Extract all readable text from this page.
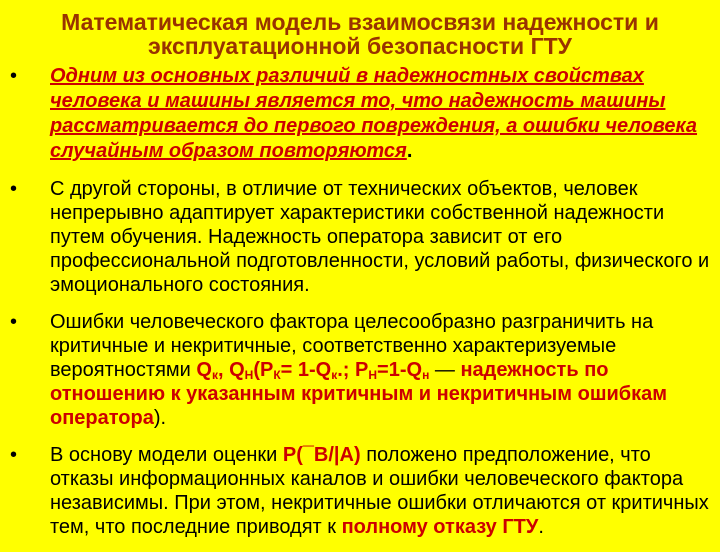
Математическая модель взаимосвязи надежности и эксплуатационной безопасности ГТУ
•	Одним из основных различий в надежностных свойствах человека и машины является то, что надежность машины рассматривается до первого повреждения, а ошибки человека случайным образом повторяются.
•	С другой стороны, в отличие от технических объектов, человек непрерывно адаптирует характеристики собственной надежности путем обучения. Надежность оператора зависит от его профессиональной подготовленности, условий работы, физического и эмоционального состояния.
•	Ошибки человеческого фактора целесообразно разграничить на критичные и некритичные, соответственно характеризуемые вероятностями $Q_к$, $Q_Н(Р_К= 1-Q_к$.; $Р_Н=1-Q_н$ — надежность по отношению к указанным критичным и некритичным ошибкам оператора).
•	В основу модели оценки Р(¯В/|А) положено предположение, что отказы информационных каналов и ошибки человеческого фактора независимы. При этом, некритичные ошибки отличаются от критичных тем, что последние приводят к полному отказу ГТУ.
